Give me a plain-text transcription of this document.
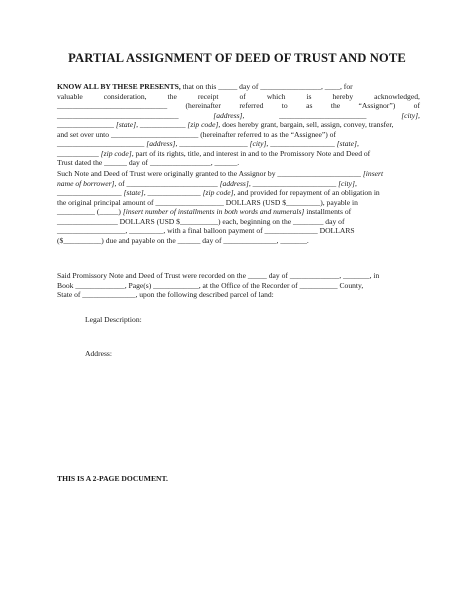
PARTIAL ASSIGNMENT OF DEED OF TRUST AND NOTE
KNOW ALL BY THESE PRESENTS, that on this _____ day of ________________, ____, for
valuable	consideration,	the	receipt	of	which	is	hereby	acknowledged,
_____________________________ (hereinafter referred to as the “Assignor”) of
________________________________	[address],	_______________________	[city],
_______________ [state], ____________ [zip code], does hereby grant, bargain, sell, assign, convey, transfer,
and set over unto _______________________ (hereinafter referred to as the “Assignee”) of
_______________________ [address], __________________ [city], _________________ [state],
___________ [zip code], part of its rights, title, and interest in and to the Promissory Note and Deed of
Trust dated the ______ day of ________________, ______.
Such Note and Deed of Trust were originally granted to the Assignor by ______________________ [insert
name of borrower], of ________________________ [address], ______________________ [city],
_________________ [state], ______________ [zip code], and provided for repayment of an obligation in
the original principal amount of __________________ DOLLARS (USD $_________), payable in
__________ (_____) [insert number of installments in both words and numerals] installments of
________________ DOLLARS (USD $__________) each, beginning on the ________ day of
__________________, _________, with a final balloon payment of ______________ DOLLARS
($__________) due and payable on the ______ day of ______________, _______.
Said Promissory Note and Deed of Trust were recorded on the _____ day of _____________, _______, in
Book _____________, Page(s) ____________, at the Office of the Recorder of __________ County,
State of ______________, upon the following described parcel of land:
Legal Description:
Address:
THIS IS A 2-PAGE DOCUMENT.
